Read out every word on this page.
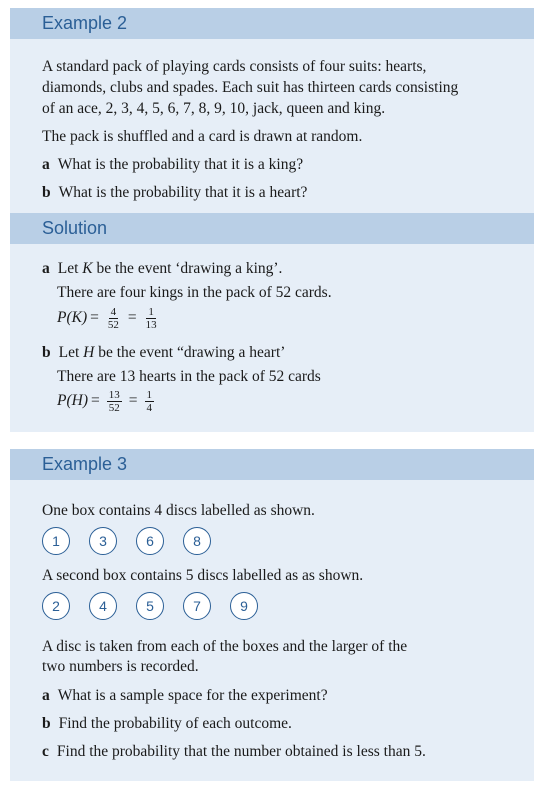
Example 2
A standard pack of playing cards consists of four suits: hearts,
diamonds, clubs and spades. Each suit has thirteen cards consisting
of an ace, 2, 3, 4, 5, 6, 7, 8, 9, 10, jack, queen and king.
The pack is shuffled and a card is drawn at random.
a What is the probability that it is a king?
b What is the probability that it is a heart?
Solution
a Let K be the event ‘drawing a king’.
There are four kings in the pack of 52 cards.
$P(K) = \frac{4}{52} = \frac{1}{13}$
b Let H be the event “drawing a heart’
There are 13 hearts in the pack of 52 cards
$P(H) = \frac{13}{52} = \frac{1}{4}$
Example 3
One box contains 4 discs labelled as shown.
1	3	6	8
A second box contains 5 discs labelled as as shown.
2	4	5	7	9
A disc is taken from each of the boxes and the larger of the
two numbers is recorded.
a What is a sample space for the experiment?
b Find the probability of each outcome.
c Find the probability that the number obtained is less than 5.
